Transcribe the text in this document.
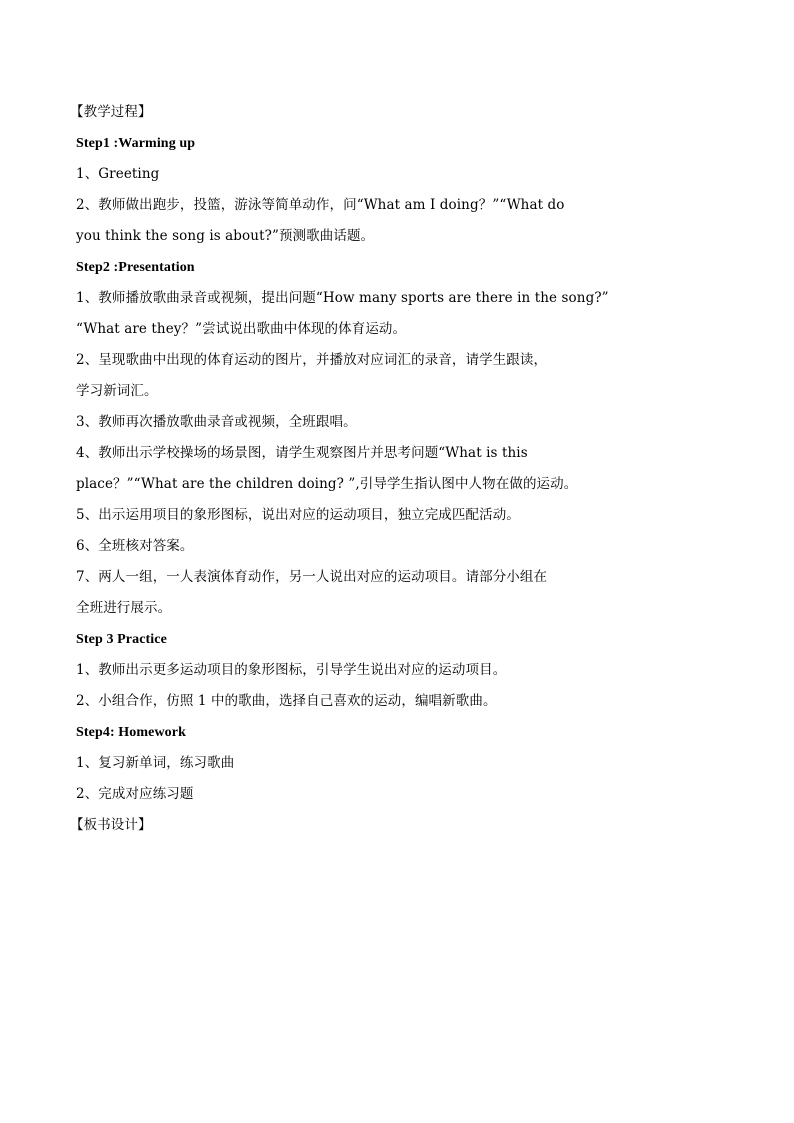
【教学过程】
Step1 :Warming up
1、Greeting
2、教师做出跑步，投篮，游泳等简单动作，问“What am I doing？”“What do
you think the song is about?”预测歌曲话题。
Step2 :Presentation
1、教师播放歌曲录音或视频，提出问题“How many sports are there in the song?”
“What are they？”尝试说出歌曲中体现的体育运动。
2、呈现歌曲中出现的体育运动的图片，并播放对应词汇的录音，请学生跟读，
学习新词汇。
3、教师再次播放歌曲录音或视频，全班跟唱。
4、教师出示学校操场的场景图，请学生观察图片并思考问题“What is this
place？”“What are the children doing? ”,引导学生指认图中人物在做的运动。
5、出示运用项目的象形图标，说出对应的运动项目，独立完成匹配活动。
6、全班核对答案。
7、两人一组，一人表演体育动作，另一人说出对应的运动项目。请部分小组在
全班进行展示。
Step 3 Practice
1、教师出示更多运动项目的象形图标，引导学生说出对应的运动项目。
2、小组合作，仿照 1 中的歌曲，选择自己喜欢的运动，编唱新歌曲。
Step4: Homework
1、复习新单词，练习歌曲
2、完成对应练习题
【板书设计】
